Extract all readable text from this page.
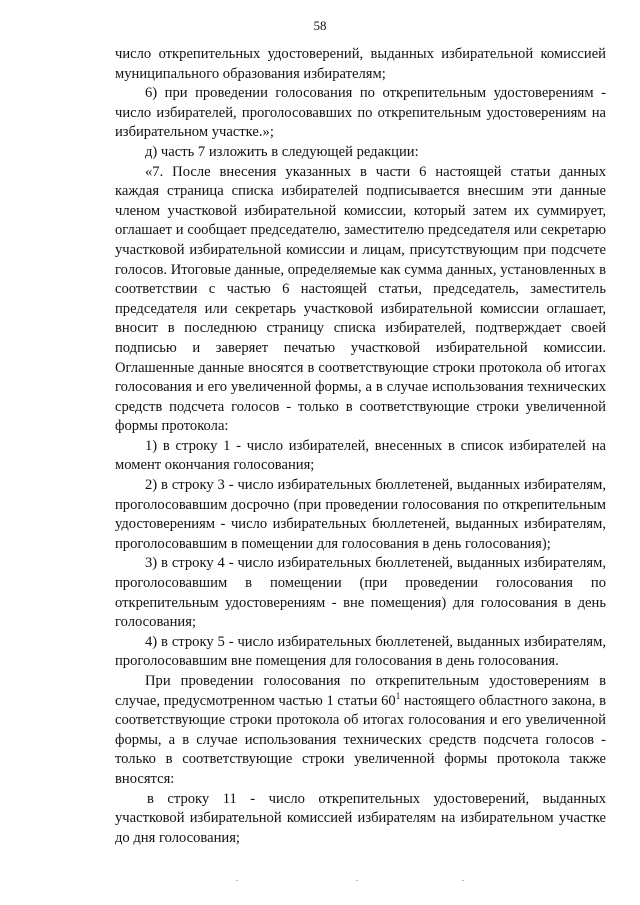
58

число открепительных удостоверений, выданных избирательной комиссией муниципального образования избирателям;

6) при проведении голосования по открепительным удостоверениям - число избирателей, проголосовавших по открепительным удостоверениям на избирательном участке.»;

д) часть 7 изложить в следующей редакции:

«7. После внесения указанных в части 6 настоящей статьи данных каждая страница списка избирателей подписывается внесшим эти данные членом участковой избирательной комиссии, который затем их суммирует, оглашает и сообщает председателю, заместителю председателя или секретарю участковой избирательной комиссии и лицам, присутствующим при подсчете голосов. Итоговые данные, определяемые как сумма данных, установленных в соответствии с частью 6 настоящей статьи, председатель, заместитель председателя или секретарь участковой избирательной комиссии оглашает, вносит в последнюю страницу списка избирателей, подтверждает своей подписью и заверяет печатью участковой избирательной комиссии. Оглашенные данные вносятся в соответствующие строки протокола об итогах голосования и его увеличенной формы, а в случае использования технических средств подсчета голосов - только в соответствующие строки увеличенной формы протокола:

1) в строку 1 - число избирателей, внесенных в список избирателей на момент окончания голосования;

2) в строку 3 - число избирательных бюллетеней, выданных избирателям, проголосовавшим досрочно (при проведении голосования по открепительным удостоверениям - число избирательных бюллетеней, выданных избирателям, проголосовавшим в помещении для голосования в день голосования);

3) в строку 4 - число избирательных бюллетеней, выданных избирателям, проголосовавшим в помещении (при проведении голосования по открепительным удостоверениям - вне помещения) для голосования в день голосования;

4) в строку 5 - число избирательных бюллетеней, выданных избирателям, проголосовавшим вне помещения для голосования в день голосования.

При проведении голосования по открепительным удостоверениям в случае, предусмотренном частью 1 статьи $60^1$ настоящего областного закона, в соответствующие строки протокола об итогах голосования и его увеличенной формы, а в случае использования технических средств подсчета голосов - только в соответствующие строки увеличенной формы протокола также вносятся:

в строку 11 - число открепительных удостоверений, выданных участковой избирательной комиссией избирателям на избирательном участке до дня голосования;
